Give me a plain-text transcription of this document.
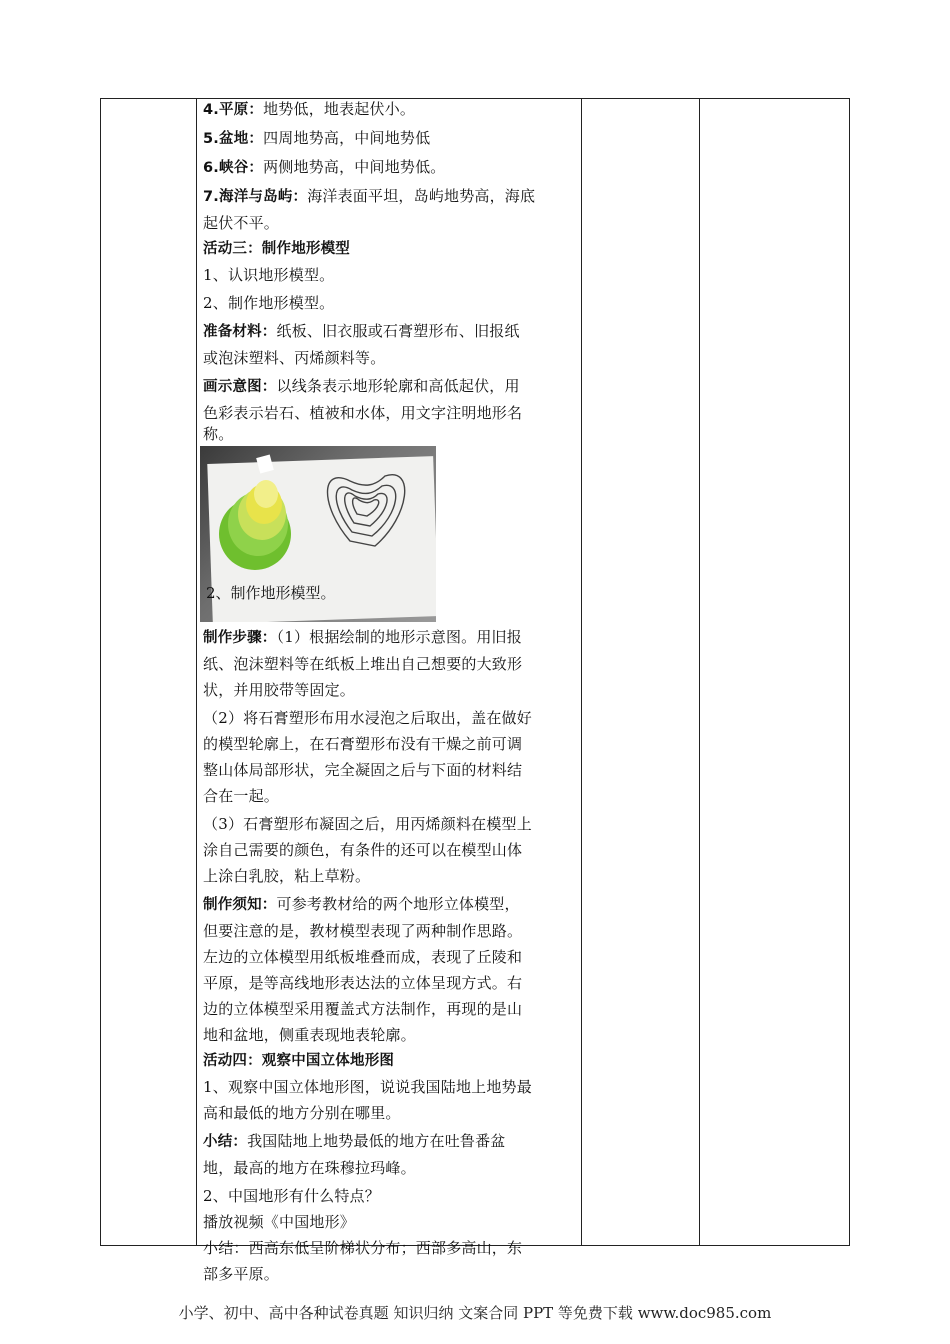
4.平原：地势低，地表起伏小。

5.盆地：四周地势高，中间地势低

6.峡谷：两侧地势高，中间地势低。

7.海洋与岛屿：海洋表面平坦，岛屿地势高，海底

起伏不平。

活动三：制作地形模型

1、认识地形模型。

2、制作地形模型。

准备材料：纸板、旧衣服或石膏塑形布、旧报纸

或泡沫塑料、丙烯颜料等。

画示意图：以线条表示地形轮廓和高低起伏，用

色彩表示岩石、植被和水体，用文字注明地形名

称。

2、制作地形模型。

制作步骤：（1）根据绘制的地形示意图。用旧报

纸、泡沫塑料等在纸板上堆出自己想要的大致形

状，并用胶带等固定。

（2）将石膏塑形布用水浸泡之后取出，盖在做好

的模型轮廓上，在石膏塑形布没有干燥之前可调

整山体局部形状，完全凝固之后与下面的材料结

合在一起。

（3）石膏塑形布凝固之后，用丙烯颜料在模型上

涂自己需要的颜色，有条件的还可以在模型山体

上涂白乳胶，粘上草粉。

制作须知：可参考教材给的两个地形立体模型，

但要注意的是，教材模型表现了两种制作思路。

左边的立体模型用纸板堆叠而成，表现了丘陵和

平原，是等高线地形表达法的立体呈现方式。右

边的立体模型采用覆盖式方法制作，再现的是山

地和盆地，侧重表现地表轮廓。

活动四：观察中国立体地形图

1、观察中国立体地形图，说说我国陆地上地势最

高和最低的地方分别在哪里。

小结：我国陆地上地势最低的地方在吐鲁番盆

地，最高的地方在珠穆拉玛峰。

2、中国地形有什么特点？

播放视频《中国地形》

小结：西高东低呈阶梯状分布；西部多高山，东

部多平原。

小学、初中、高中各种试卷真题 知识归纳 文案合同 PPT 等免费下载 www.doc985.com
